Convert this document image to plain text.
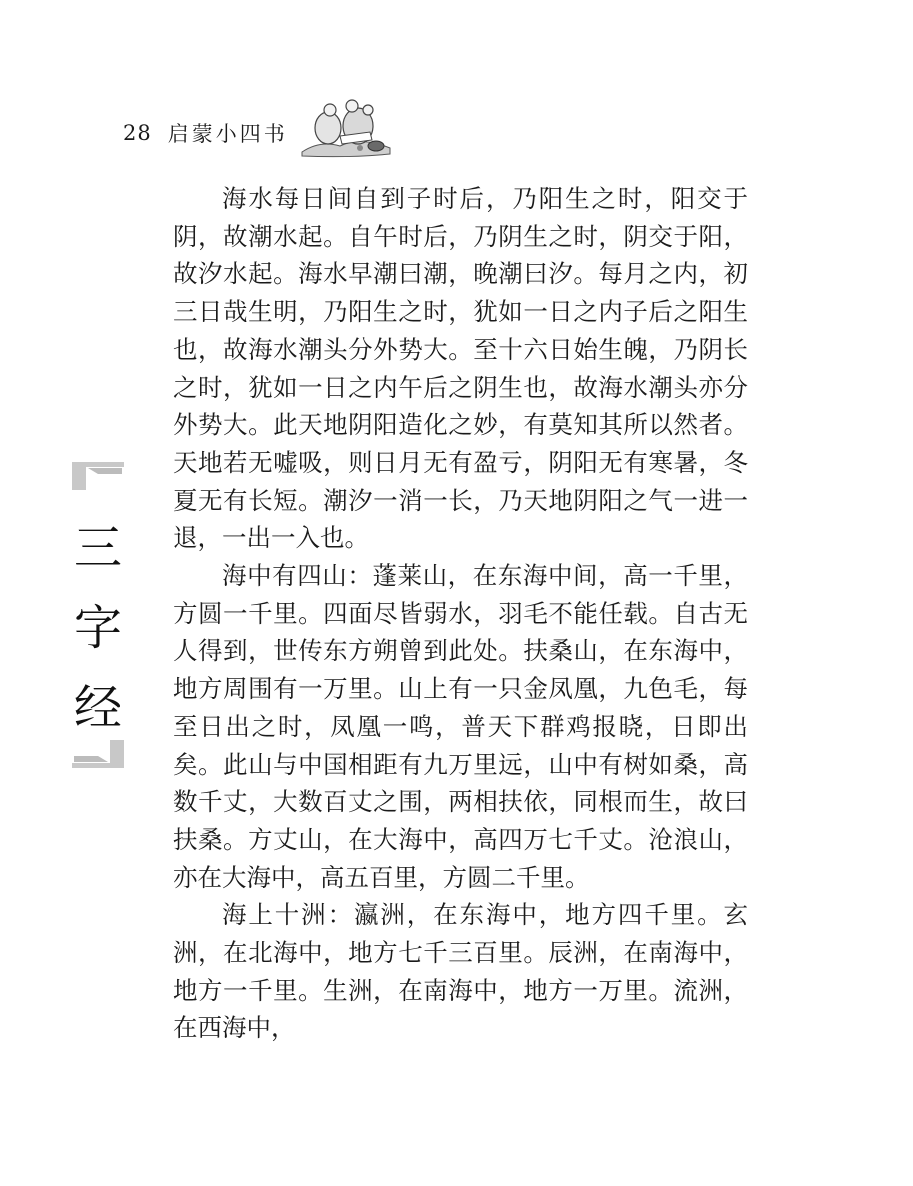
28 启蒙小四书
三
字
经

海水每日间自到子时后，乃阳生之时，阳交于阴，故潮水起。自午时后，乃阴生之时，阴交于阳，故汐水起。海水早潮曰潮，晚潮曰汐。每月之内，初三日哉生明，乃阳生之时，犹如一日之内子后之阳生也，故海水潮头分外势大。至十六日始生魄，乃阴长之时，犹如一日之内午后之阴生也，故海水潮头亦分外势大。此天地阴阳造化之妙，有莫知其所以然者。天地若无嘘吸，则日月无有盈亏，阴阳无有寒暑，冬夏无有长短。潮汐一消一长，乃天地阴阳之气一进一退，一出一入也。

海中有四山：蓬莱山，在东海中间，高一千里，方圆一千里。四面尽皆弱水，羽毛不能任载。自古无人得到，世传东方朔曾到此处。扶桑山，在东海中，地方周围有一万里。山上有一只金凤凰，九色毛，每至日出之时，凤凰一鸣，普天下群鸡报晓，日即出矣。此山与中国相距有九万里远，山中有树如桑，高数千丈，大数百丈之围，两相扶依，同根而生，故曰扶桑。方丈山，在大海中，高四万七千丈。沧浪山，亦在大海中，高五百里，方圆二千里。

海上十洲：瀛洲，在东海中，地方四千里。玄洲，在北海中，地方七千三百里。辰洲，在南海中，地方一千里。生洲，在南海中，地方一万里。流洲，在西海中，
